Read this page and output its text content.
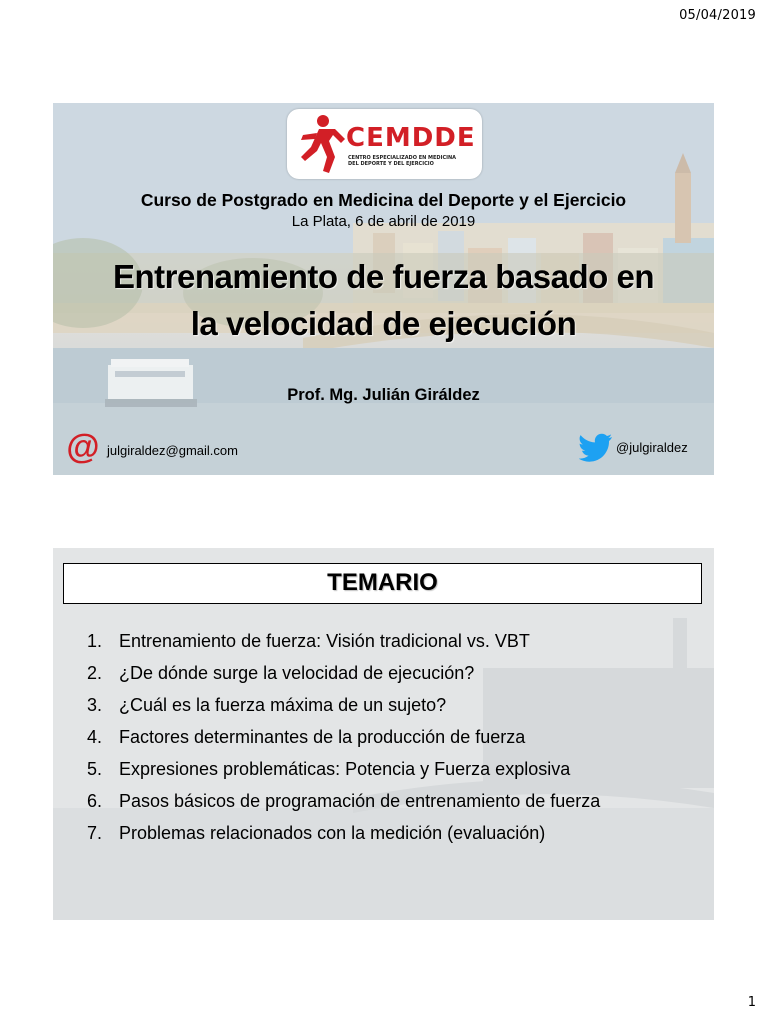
05/04/2019
CEMDDE
CENTRO ESPECIALIZADO EN MEDICINA
DEL DEPORTE Y DEL EJERCICIO
Curso de Postgrado en Medicina del Deporte y el Ejercicio
La Plata, 6 de abril de 2019
Entrenamiento de fuerza basado en
la velocidad de ejecución
Prof. Mg. Julián Giráldez
@ julgiraldez@gmail.com	@julgiraldez
TEMARIO
1. Entrenamiento de fuerza: Visión tradicional vs. VBT
2. ¿De dónde surge la velocidad de ejecución?
3. ¿Cuál es la fuerza máxima de un sujeto?
4. Factores determinantes de la producción de fuerza
5. Expresiones problemáticas: Potencia y Fuerza explosiva
6. Pasos básicos de programación de entrenamiento de fuerza
7. Problemas relacionados con la medición (evaluación)
1
